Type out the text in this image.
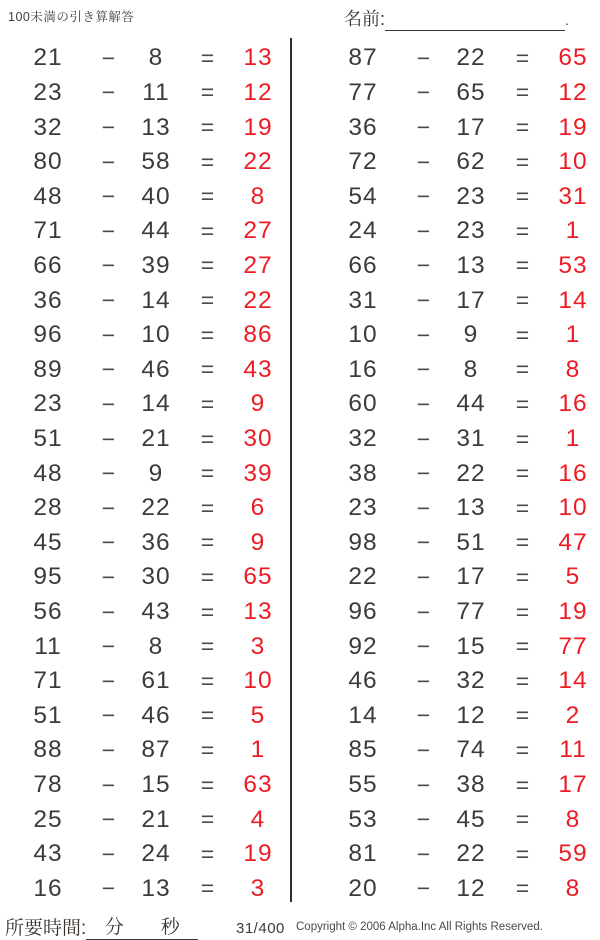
100未満の引き算解答	名前:	.
21	−	8	=	13
23	−	11	=	12
32	−	13	=	19
80	−	58	=	22
48	−	40	=	8
71	−	44	=	27
66	−	39	=	27
36	−	14	=	22
96	−	10	=	86
89	−	46	=	43
23	−	14	=	9
51	−	21	=	30
48	−	9	=	39
28	−	22	=	6
45	−	36	=	9
95	−	30	=	65
56	−	43	=	13
11	−	8	=	3
71	−	61	=	10
51	−	46	=	5
88	−	87	=	1
78	−	15	=	63
25	−	21	=	4
43	−	24	=	19
16	−	13	=	3
87	−	22	=	65
77	−	65	=	12
36	−	17	=	19
72	−	62	=	10
54	−	23	=	31
24	−	23	=	1
66	−	13	=	53
31	−	17	=	14
10	−	9	=	1
16	−	8	=	8
60	−	44	=	16
32	−	31	=	1
38	−	22	=	16
23	−	13	=	10
98	−	51	=	47
22	−	17	=	5
96	−	77	=	19
92	−	15	=	77
46	−	32	=	14
14	−	12	=	2
85	−	74	=	11
55	−	38	=	17
53	−	45	=	8
81	−	22	=	59
20	−	12	=	8
所要時間: 分 秒	31/400 Copyright © 2006 Alpha.Inc All Rights Reserved.
